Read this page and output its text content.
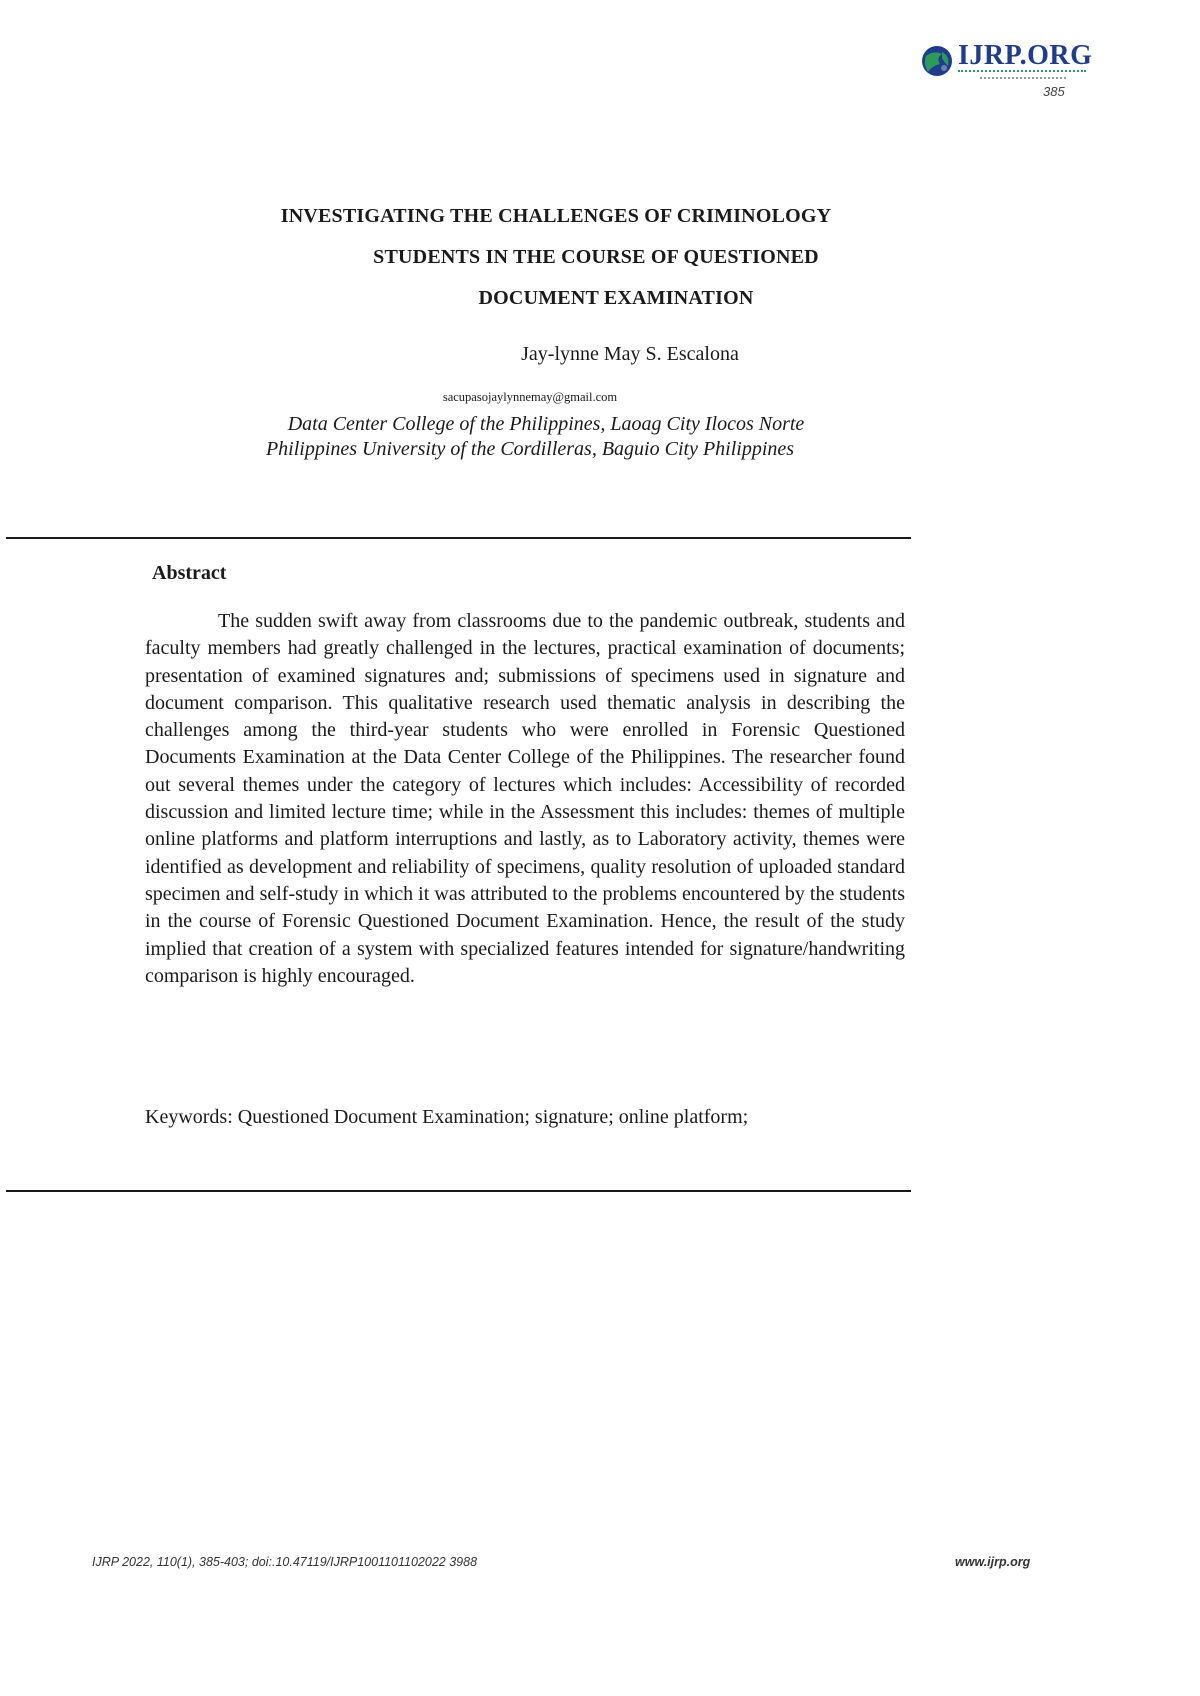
IJRP.ORG
385
INVESTIGATING THE CHALLENGES OF CRIMINOLOGY
STUDENTS IN THE COURSE OF QUESTIONED
DOCUMENT EXAMINATION
Jay-lynne May S. Escalona
sacupasojaylynnemay@gmail.com
Data Center College of the Philippines, Laoag City Ilocos Norte
Philippines University of the Cordilleras, Baguio City Philippines
Abstract

The sudden swift away from classrooms due to the pandemic outbreak, students and faculty members had greatly challenged in the lectures, practical examination of documents; presentation of examined signatures and; submissions of specimens used in signature and document comparison. This qualitative research used thematic analysis in describing the challenges among the third-year students who were enrolled in Forensic Questioned Documents Examination at the Data Center College of the Philippines. The researcher found out several themes under the category of lectures which includes: Accessibility of recorded discussion and limited lecture time; while in the Assessment this includes: themes of multiple online platforms and platform interruptions and lastly, as to Laboratory activity, themes were identified as development and reliability of specimens, quality resolution of uploaded standard specimen and self-study in which it was attributed to the problems encountered by the students in the course of Forensic Questioned Document Examination. Hence, the result of the study implied that creation of a system with specialized features intended for signature/handwriting comparison is highly encouraged.

Keywords: Questioned Document Examination; signature; online platform;
IJRP 2022, 110(1), 385-403; doi:.10.47119/IJRP1001101102022 3988	www.ijrp.org
